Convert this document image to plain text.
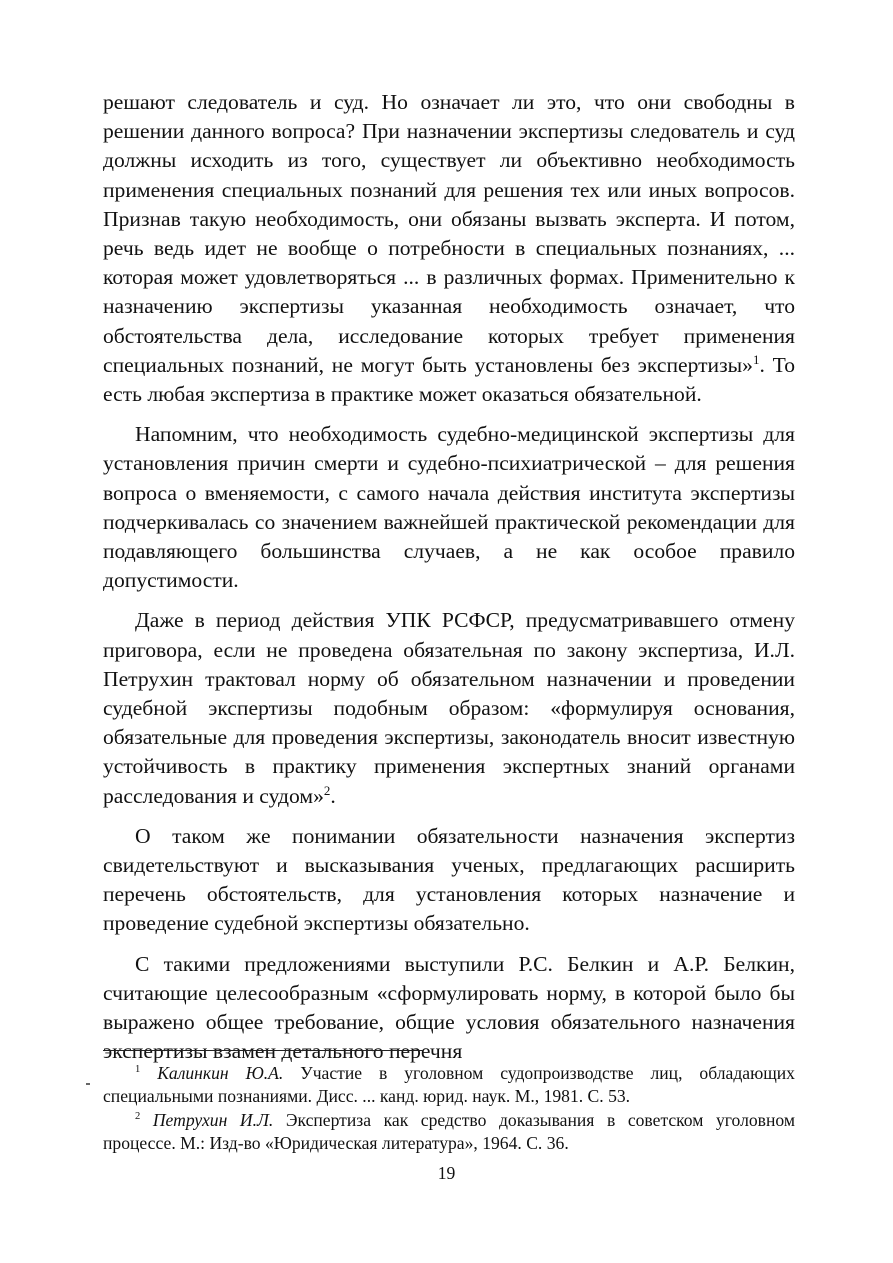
решают следователь и суд. Но означает ли это, что они свободны в решении данного вопроса? При назначении экспертизы следователь и суд должны исходить из того, существует ли объективно необходимость применения специальных познаний для решения тех или иных вопросов. Признав такую необходимость, они обязаны вызвать эксперта. И потом, речь ведь идет не вообще о потребности в специальных познаниях, ... которая может удовлетворяться ... в различных формах. Применительно к назначению экспертизы указанная необходимость означает, что обстоятельства дела, исследование которых требует применения специальных познаний, не могут быть установлены без экспертизы»$^1$. То есть любая экспертиза в практике может оказаться обязательной.

Напомним, что необходимость судебно-медицинской экспертизы для установления причин смерти и судебно-психиатрической – для решения вопроса о вменяемости, с самого начала действия института экспертизы подчеркивалась со значением важнейшей практической рекомендации для подавляющего большинства случаев, а не как особое правило допустимости.

Даже в период действия УПК РСФСР, предусматривавшего отмену приговора, если не проведена обязательная по закону экспертиза, И.Л. Петрухин трактовал норму об обязательном назначении и проведении судебной экспертизы подобным образом: «формулируя основания, обязательные для проведения экспертизы, законодатель вносит известную устойчивость в практику применения экспертных знаний органами расследования и судом»$^2$.

О таком же понимании обязательности назначения экспертиз свидетельствуют и высказывания ученых, предлагающих расширить перечень обстоятельств, для установления которых назначение и проведение судебной экспертизы обязательно.

С такими предложениями выступили Р.С. Белкин и А.Р. Белкин, считающие целесообразным «сформулировать норму, в которой было бы выражено общее требование, общие условия обязательного назначения экспертизы взамен детального перечня

$^1$ Калинкин Ю.А. Участие в уголовном судопроизводстве лиц, обладающих специальными познаниями. Дисс. ... канд. юрид. наук. М., 1981. С. 53.

$^2$ Петрухин И.Л. Экспертиза как средство доказывания в советском уголовном процессе. М.: Изд-во «Юридическая литература», 1964. С. 36.

19
